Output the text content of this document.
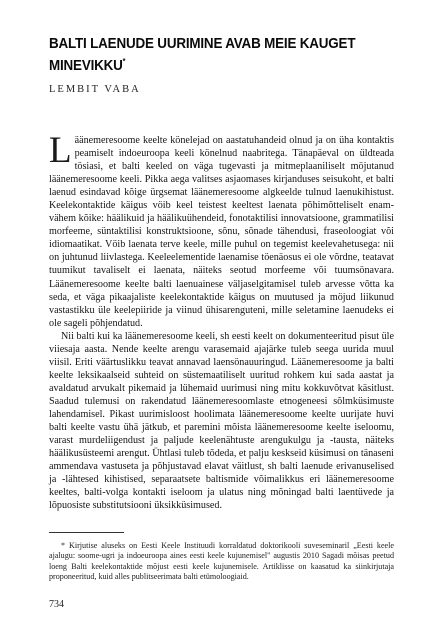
BALTI LAENUDE UURIMINE AVAB MEIE KAUGET MINEVIKKU*
LEMBIT VABA

Läänemeresoome keelte könelejad on aastatuhandeid olnud ja on üha kontaktis peamiselt indoeuroopa keeli könelnud naabritega. Tänapäeval on üldteada tösiasi, et balti keeled on väga tugevasti ja mitmeplaaniliselt möjutanud läänemeresoome keeli. Pikka aega valitses asjaomases kirjanduses seisukoht, et balti laenud esindavad kõige ürgsemat läänemeresoome algkeelde tulnud laenukihistust. Keelekontaktide käigus vöib keel teistest keeltest laenata põhimõtteliselt enam-vähem kõike: häälikuid ja häälikuühendeid, fonotaktilisi innovatsioone, grammatilisi morfeeme, süntaktilisi konstruktsioone, sõnu, sõnade tähendusi, fraseoloogiat või idiomaatikat. Vöib laenata terve keele, mille puhul on tegemist keelevahetusega: nii on juhtunud liivlastega. Keeleelementide laenamise töenäosus ei ole võrdne, teatavat tuumikut tavaliselt ei laenata, näiteks seotud morfeeme või tuumsönavara. Läänemeresoome keelte balti laenuainese väljaselgitamisel tuleb arvesse võtta ka seda, et väga pikaajaliste keelekontaktide käigus on muutused ja möjud liikunud vastastikku üle keelepiiride ja viinud ühisarenguteni, mille seletamine laenudeks ei ole sageli põhjendatud.

Nii balti kui ka läänemeresoome keeli, sh eesti keelt on dokumenteeritud pisut üle viiesaja aasta. Nende keelte arengu varasemaid ajajärke tuleb seega uurida muul viisil. Eriti väärtuslikku teavat annavad laensönauuringud. Läänemeresoome ja balti keelte leksikaalseid suhteid on süstemaatiliselt uuritud rohkem kui sada aastat ja avaldatud arvukalt pikemaid ja lühemaid uurimusi ning mitu kokkuvõtvat käsitlust. Saadud tulemusi on rakendatud läänemeresoomlaste etnogeneesi sõlmküsimuste lahendamisel. Pikast uurimisloost hoolimata läänemeresoome keelte uurijate huvi balti keelte vastu ühä jätkub, et paremini mõista läänemeresoome keelte iseloomu, varast murdeliigendust ja paljude keelenähtuste arengukulgu ja -tausta, näiteks häälikusüsteemi arengut. Ühtlasi tuleb tõdeda, et palju keskseid küsimusi on tänaseni ammendava vastuseta ja põhjustavad elavat väitlust, sh balti laenude erivanuselised ja -lähtesed kihistised, separaatsete baltismide võimalikkus eri läänemeresoome keeltes, balti-volga kontakti iseloom ja ulatus ning mõningad balti laentüvede ja lõpuosiste substitutsiooni üksikküsimused.

* Kirjutise aluseks on Eesti Keele Instituudi korraldatud doktorikooli suveseminaril „Eesti keele ajalugu: soome-ugri ja indoeuroopa aines eesti keele kujunemisel" augustis 2010 Sagadi mõisas peetud loeng Balti keelekontaktide mõjust eesti keele kujunemisele. Artiklisse on kaasatud ka siinkirjutaja proponeeritud, kuid alles publitseerimata balti etümoloogiaid.

734
